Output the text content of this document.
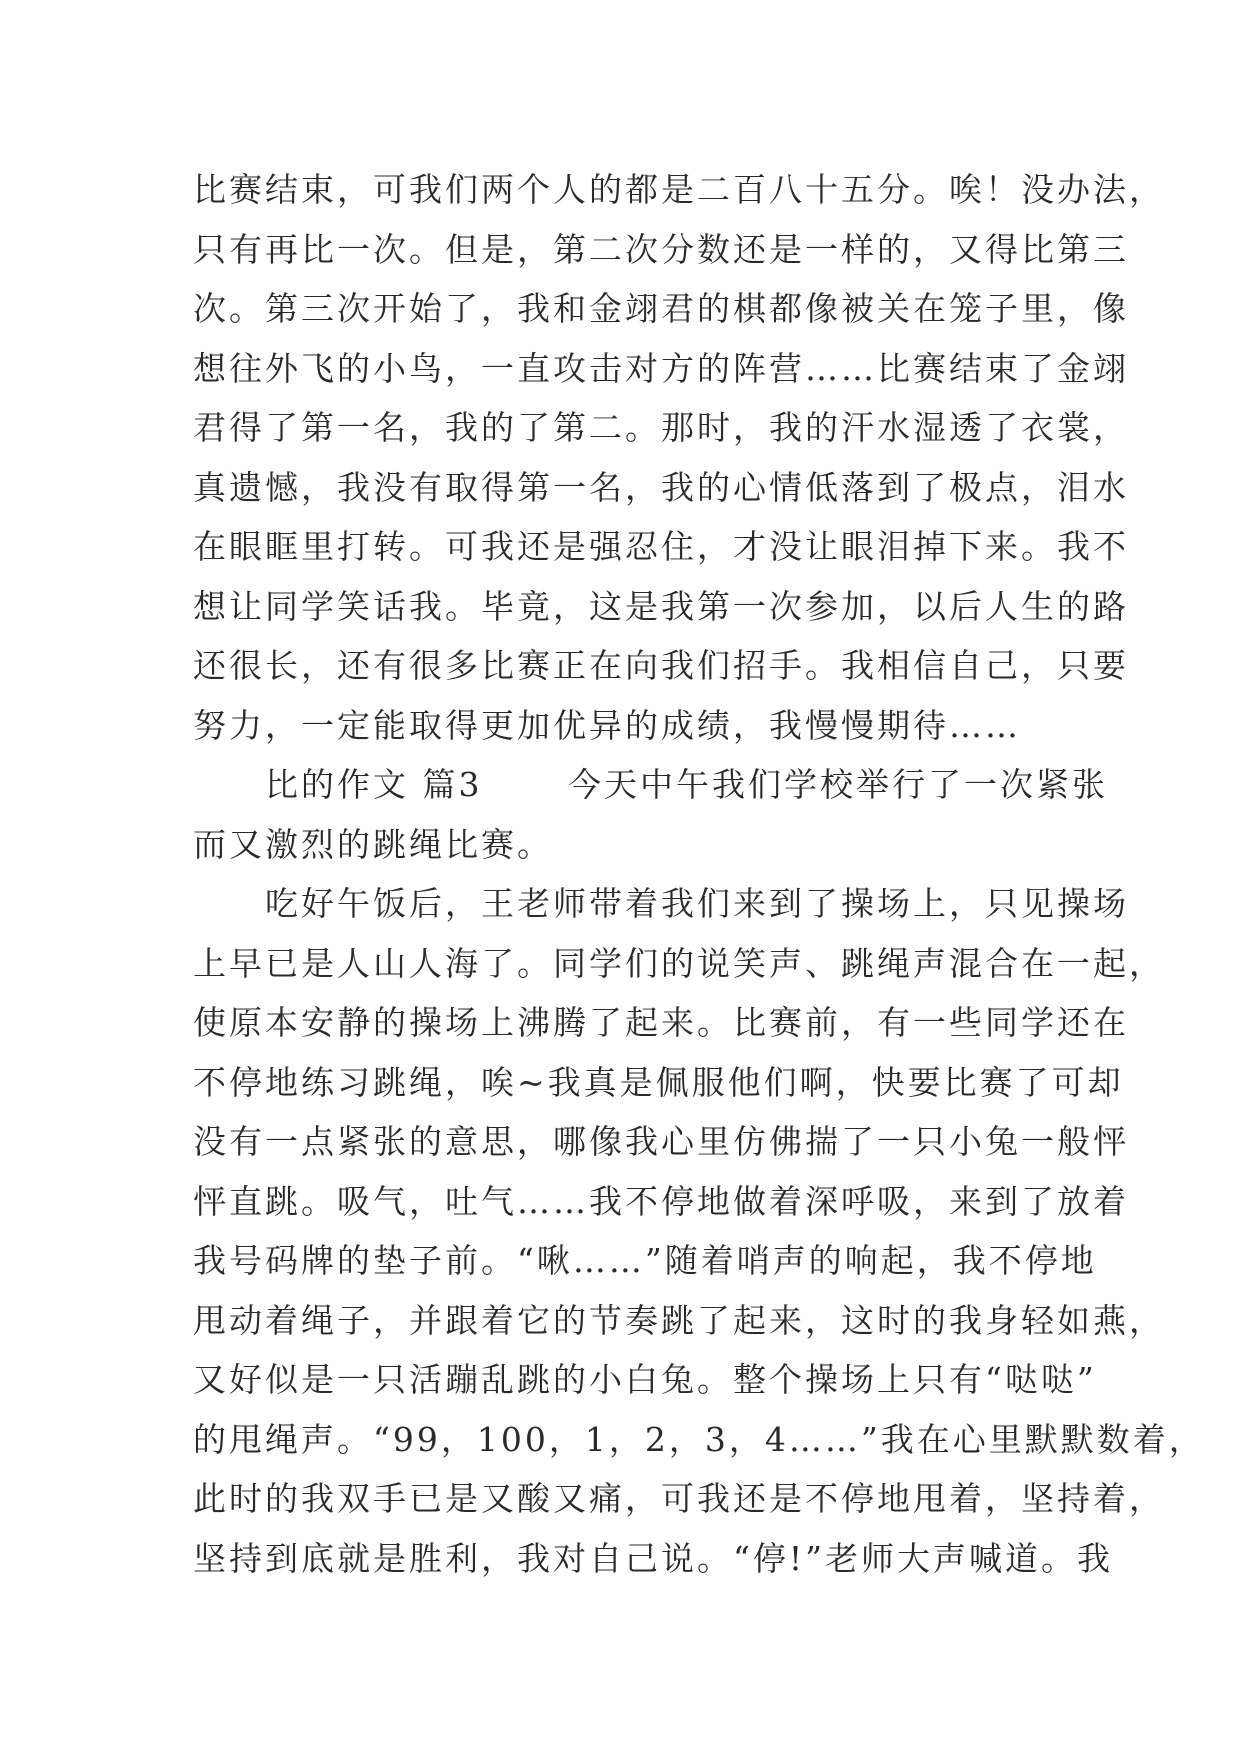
比赛结束，可我们两个人的都是二百八十五分。唉！没办法，
只有再比一次。但是，第二次分数还是一样的，又得比第三
次。第三次开始了，我和金翊君的棋都像被关在笼子里，像
想往外飞的小鸟，一直攻击对方的阵营……比赛结束了金翊
君得了第一名，我的了第二。那时，我的汗水湿透了衣裳，
真遗憾，我没有取得第一名，我的心情低落到了极点，泪水
在眼眶里打转。可我还是强忍住，才没让眼泪掉下来。我不
想让同学笑话我。毕竟，这是我第一次参加，以后人生的路
还很长，还有很多比赛正在向我们招手。我相信自己，只要
努力，一定能取得更加优异的成绩，我慢慢期待……
　　比的作文 篇3　　 今天中午我们学校举行了一次紧张
而又激烈的跳绳比赛。
　　吃好午饭后，王老师带着我们来到了操场上，只见操场
上早已是人山人海了。同学们的说笑声、跳绳声混合在一起，
使原本安静的操场上沸腾了起来。比赛前，有一些同学还在
不停地练习跳绳，唉~我真是佩服他们啊，快要比赛了可却
没有一点紧张的意思，哪像我心里仿佛揣了一只小兔一般怦
怦直跳。吸气，吐气……我不停地做着深呼吸，来到了放着
我号码牌的垫子前。“啾……”随着哨声的响起，我不停地
甩动着绳子，并跟着它的节奏跳了起来，这时的我身轻如燕，
又好似是一只活蹦乱跳的小白兔。整个操场上只有“哒哒”
的甩绳声。“99，100，1，2，3，4……”我在心里默默数着，
此时的我双手已是又酸又痛，可我还是不停地甩着，坚持着，
坚持到底就是胜利，我对自己说。“停!”老师大声喊道。我
